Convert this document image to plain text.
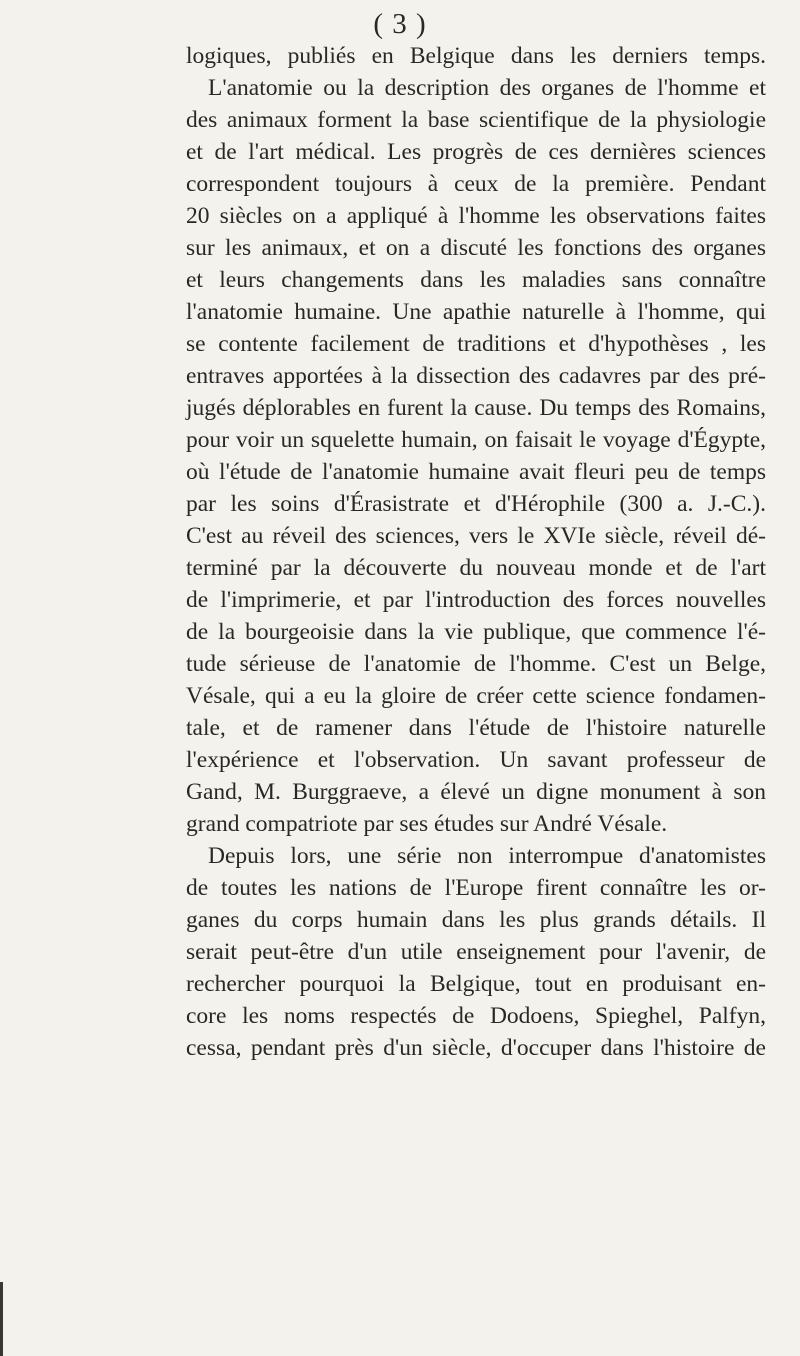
( 3 )
logiques, publiés en Belgique dans les derniers temps.
L'anatomie ou la description des organes de l'homme et
des animaux forment la base scientifique de la physiologie
et de l'art médical. Les progrès de ces dernières sciences
correspondent toujours à ceux de la première. Pendant
20 siècles on a appliqué à l'homme les observations faites
sur les animaux, et on a discuté les fonctions des organes
et leurs changements dans les maladies sans connaître
l'anatomie humaine. Une apathie naturelle à l'homme, qui
se contente facilement de traditions et d'hypothèses , les
entraves apportées à la dissection des cadavres par des pré-
jugés déplorables en furent la cause. Du temps des Romains,
pour voir un squelette humain, on faisait le voyage d'Égypte,
où l'étude de l'anatomie humaine avait fleuri peu de temps
par les soins d'Érasistrate et d'Hérophile (300 a. J.-C.).
C'est au réveil des sciences, vers le XVIe siècle, réveil dé-
terminé par la découverte du nouveau monde et de l'art
de l'imprimerie, et par l'introduction des forces nouvelles
de la bourgeoisie dans la vie publique, que commence l'é-
tude sérieuse de l'anatomie de l'homme. C'est un Belge,
Vésale, qui a eu la gloire de créer cette science fondamen-
tale, et de ramener dans l'étude de l'histoire naturelle
l'expérience et l'observation. Un savant professeur de
Gand, M. Burggraeve, a élevé un digne monument à son
grand compatriote par ses études sur André Vésale.
Depuis lors, une série non interrompue d'anatomistes
de toutes les nations de l'Europe firent connaître les or-
ganes du corps humain dans les plus grands détails. Il
serait peut-être d'un utile enseignement pour l'avenir, de
rechercher pourquoi la Belgique, tout en produisant en-
core les noms respectés de Dodoens, Spieghel, Palfyn,
cessa, pendant près d'un siècle, d'occuper dans l'histoire de
